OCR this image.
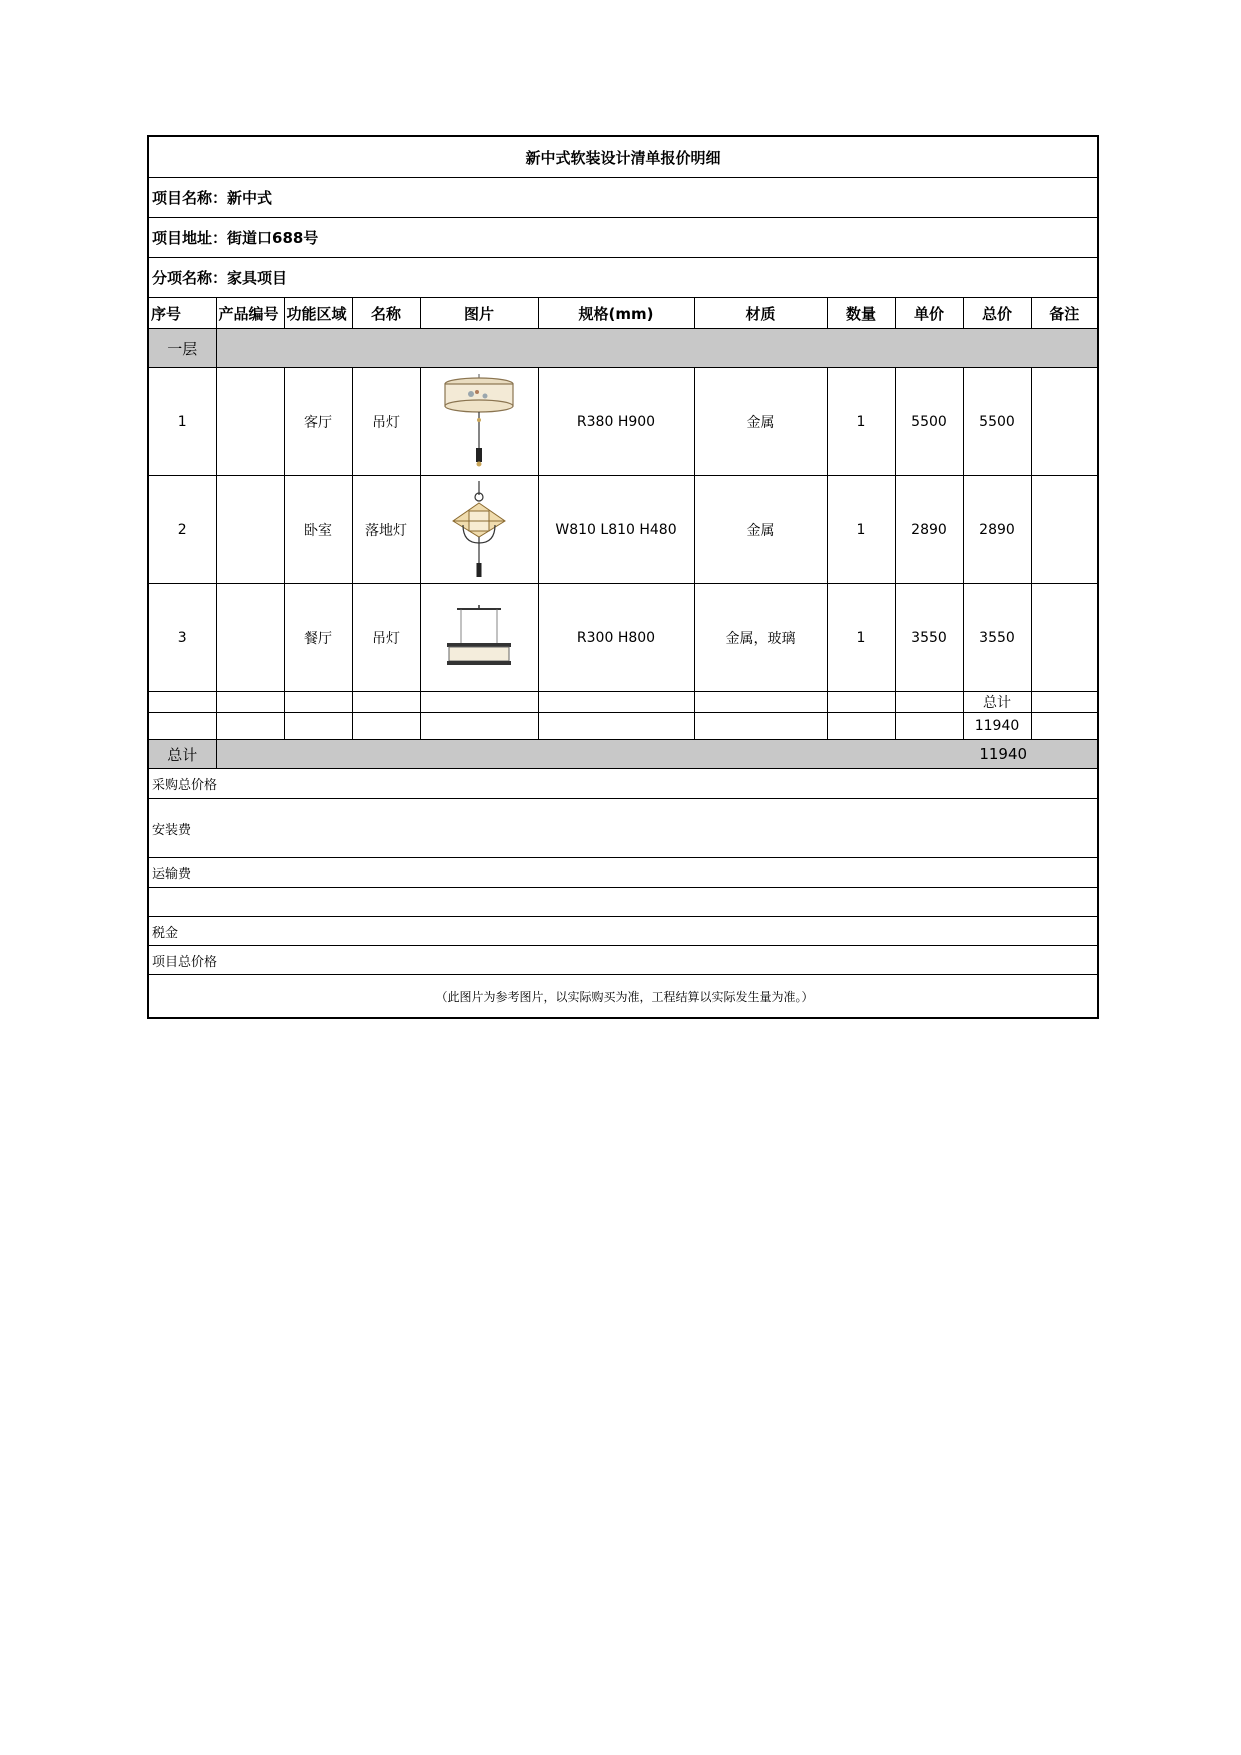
新中式软装设计清单报价明细										
项目名称：新中式										
项目地址：街道口688号										
分项名称：家具项目										
序号	产品编号	功能区域	名称	图片	规格(mm)	材质	数量	单价	总价	备注
一层										
1		客厅	吊灯		R380 H900	金属	1	5500	5500	
2		卧室	落地灯		W810 L810 H480	金属	1	2890	2890	
3		餐厅	吊灯		R300 H800	金属，玻璃	1	3550	3550	
									总计	
									11940	
总计	11940									
采购总价格										
安装费										
运输费										

税金										
项目总价格										
（此图片为参考图片，以实际购买为准，工程结算以实际发生量为准。）										
